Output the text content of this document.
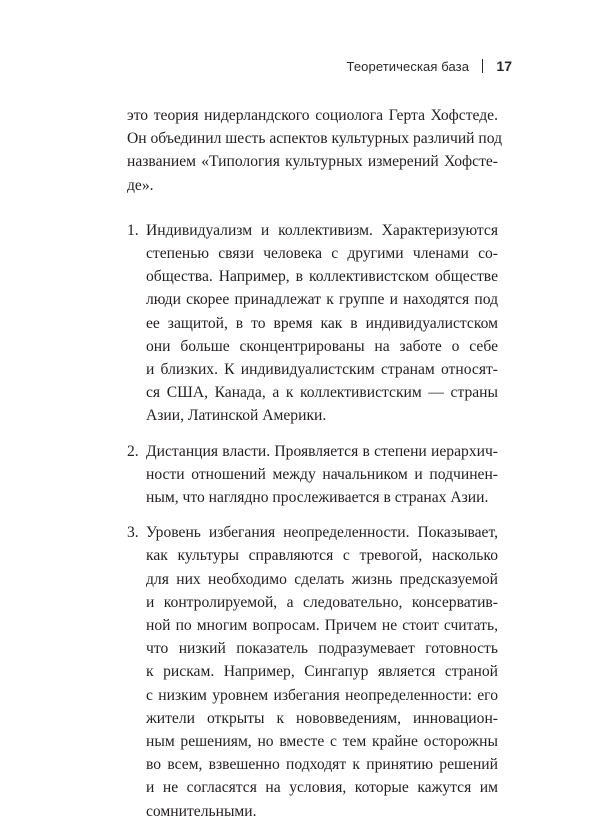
Теоретическая база 17

это теория нидерландского социолога Герта Хофстеде.
Он объединил шесть аспектов культурных различий под
названием «Типология культурных измерений Хофсте-
де».

1. Индивидуализм и коллективизм. Характеризуются
степенью связи человека с другими членами со-
общества. Например, в коллективистском обществе
люди скорее принадлежат к группе и находятся под
ее защитой, в то время как в индивидуалистском
они больше сконцентрированы на заботе о себе
и близких. К индивидуалистским странам относят-
ся США, Канада, а к коллективистским — страны
Азии, Латинской Америки.
2. Дистанция власти. Проявляется в степени иерархич-
ности отношений между начальником и подчинен-
ным, что наглядно прослеживается в странах Азии.
3. Уровень избегания неопределенности. Показывает,
как культуры справляются с тревогой, насколько
для них необходимо сделать жизнь предсказуемой
и контролируемой, а следовательно, консерватив-
ной по многим вопросам. Причем не стоит считать,
что низкий показатель подразумевает готовность
к рискам. Например, Сингапур является страной
с низким уровнем избегания неопределенности: его
жители открыты к нововведениям, инновацион-
ным решениям, но вместе с тем крайне осторожны
во всем, взвешенно подходят к принятию решений
и не согласятся на условия, которые кажутся им
сомнительными.
